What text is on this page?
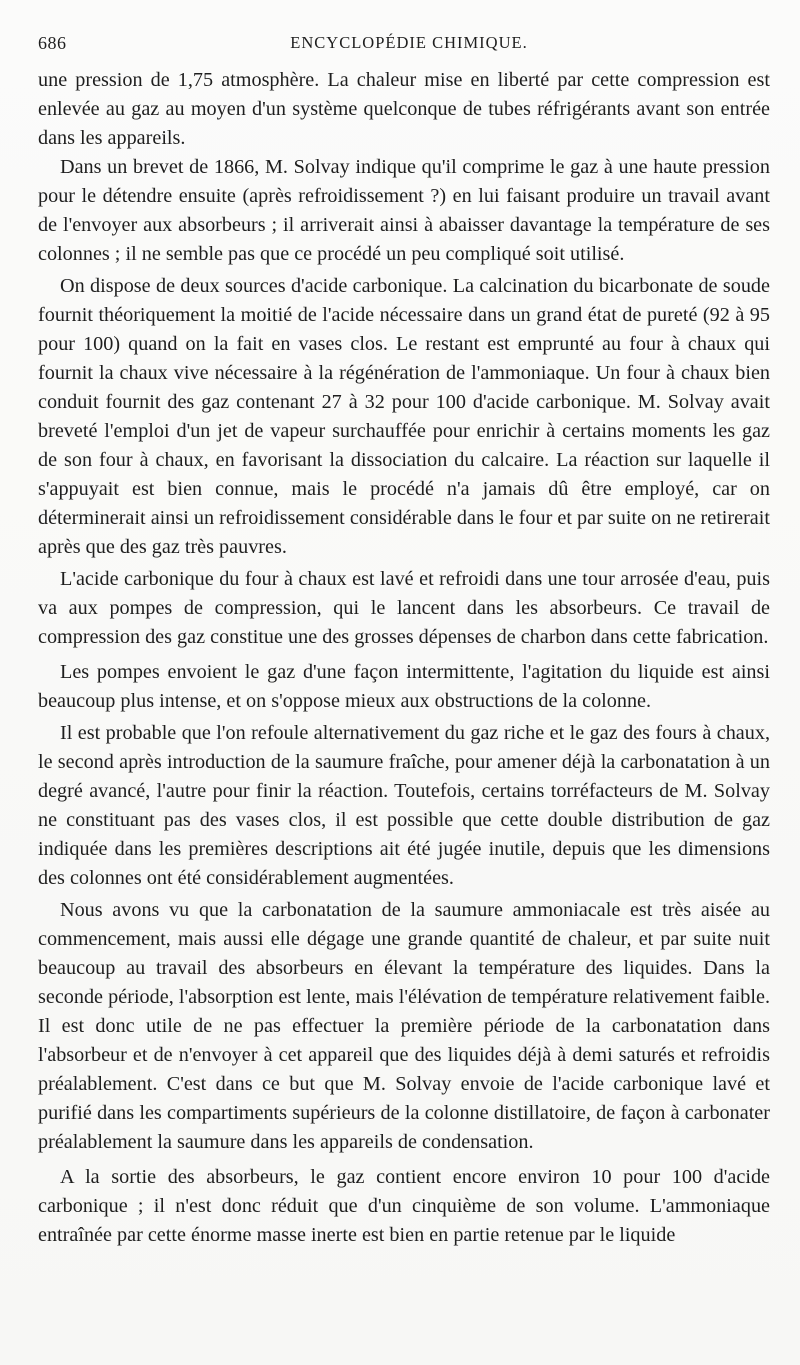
686	ENCYCLOPÉDIE CHIMIQUE.

une pression de 1,75 atmosphère. La chaleur mise en liberté par cette compression est enlevée au gaz au moyen d'un système quelconque de tubes réfrigérants avant son entrée dans les appareils.

Dans un brevet de 1866, M. Solvay indique qu'il comprime le gaz à une haute pression pour le détendre ensuite (après refroidissement ?) en lui faisant produire un travail avant de l'envoyer aux absorbeurs ; il arriverait ainsi à abaisser davantage la température de ses colonnes ; il ne semble pas que ce procédé un peu compliqué soit utilisé.

On dispose de deux sources d'acide carbonique. La calcination du bicarbonate de soude fournit théoriquement la moitié de l'acide nécessaire dans un grand état de pureté (92 à 95 pour 100) quand on la fait en vases clos. Le restant est emprunté au four à chaux qui fournit la chaux vive nécessaire à la régénération de l'ammoniaque. Un four à chaux bien conduit fournit des gaz contenant 27 à 32 pour 100 d'acide carbonique. M. Solvay avait breveté l'emploi d'un jet de vapeur surchauffée pour enrichir à certains moments les gaz de son four à chaux, en favorisant la dissociation du calcaire. La réaction sur laquelle il s'appuyait est bien connue, mais le procédé n'a jamais dû être employé, car on déterminerait ainsi un refroidissement considérable dans le four et par suite on ne retirerait après que des gaz très pauvres.

L'acide carbonique du four à chaux est lavé et refroidi dans une tour arrosée d'eau, puis va aux pompes de compression, qui le lancent dans les absorbeurs. Ce travail de compression des gaz constitue une des grosses dépenses de charbon dans cette fabrication.

Les pompes envoient le gaz d'une façon intermittente, l'agitation du liquide est ainsi beaucoup plus intense, et on s'oppose mieux aux obstructions de la colonne.

Il est probable que l'on refoule alternativement du gaz riche et le gaz des fours à chaux, le second après introduction de la saumure fraîche, pour amener déjà la carbonatation à un degré avancé, l'autre pour finir la réaction. Toutefois, certains torréfacteurs de M. Solvay ne constituant pas des vases clos, il est possible que cette double distribution de gaz indiquée dans les premières descriptions ait été jugée inutile, depuis que les dimensions des colonnes ont été considérablement augmentées.

Nous avons vu que la carbonatation de la saumure ammoniacale est très aisée au commencement, mais aussi elle dégage une grande quantité de chaleur, et par suite nuit beaucoup au travail des absorbeurs en élevant la température des liquides. Dans la seconde période, l'absorption est lente, mais l'élévation de température relativement faible. Il est donc utile de ne pas effectuer la première période de la carbonatation dans l'absorbeur et de n'envoyer à cet appareil que des liquides déjà à demi saturés et refroidis préalablement. C'est dans ce but que M. Solvay envoie de l'acide carbonique lavé et purifié dans les compartiments supérieurs de la colonne distillatoire, de façon à carbonater préalablement la saumure dans les appareils de condensation.

A la sortie des absorbeurs, le gaz contient encore environ 10 pour 100 d'acide carbonique ; il n'est donc réduit que d'un cinquième de son volume. L'ammoniaque entraînée par cette énorme masse inerte est bien en partie retenue par le liquide
